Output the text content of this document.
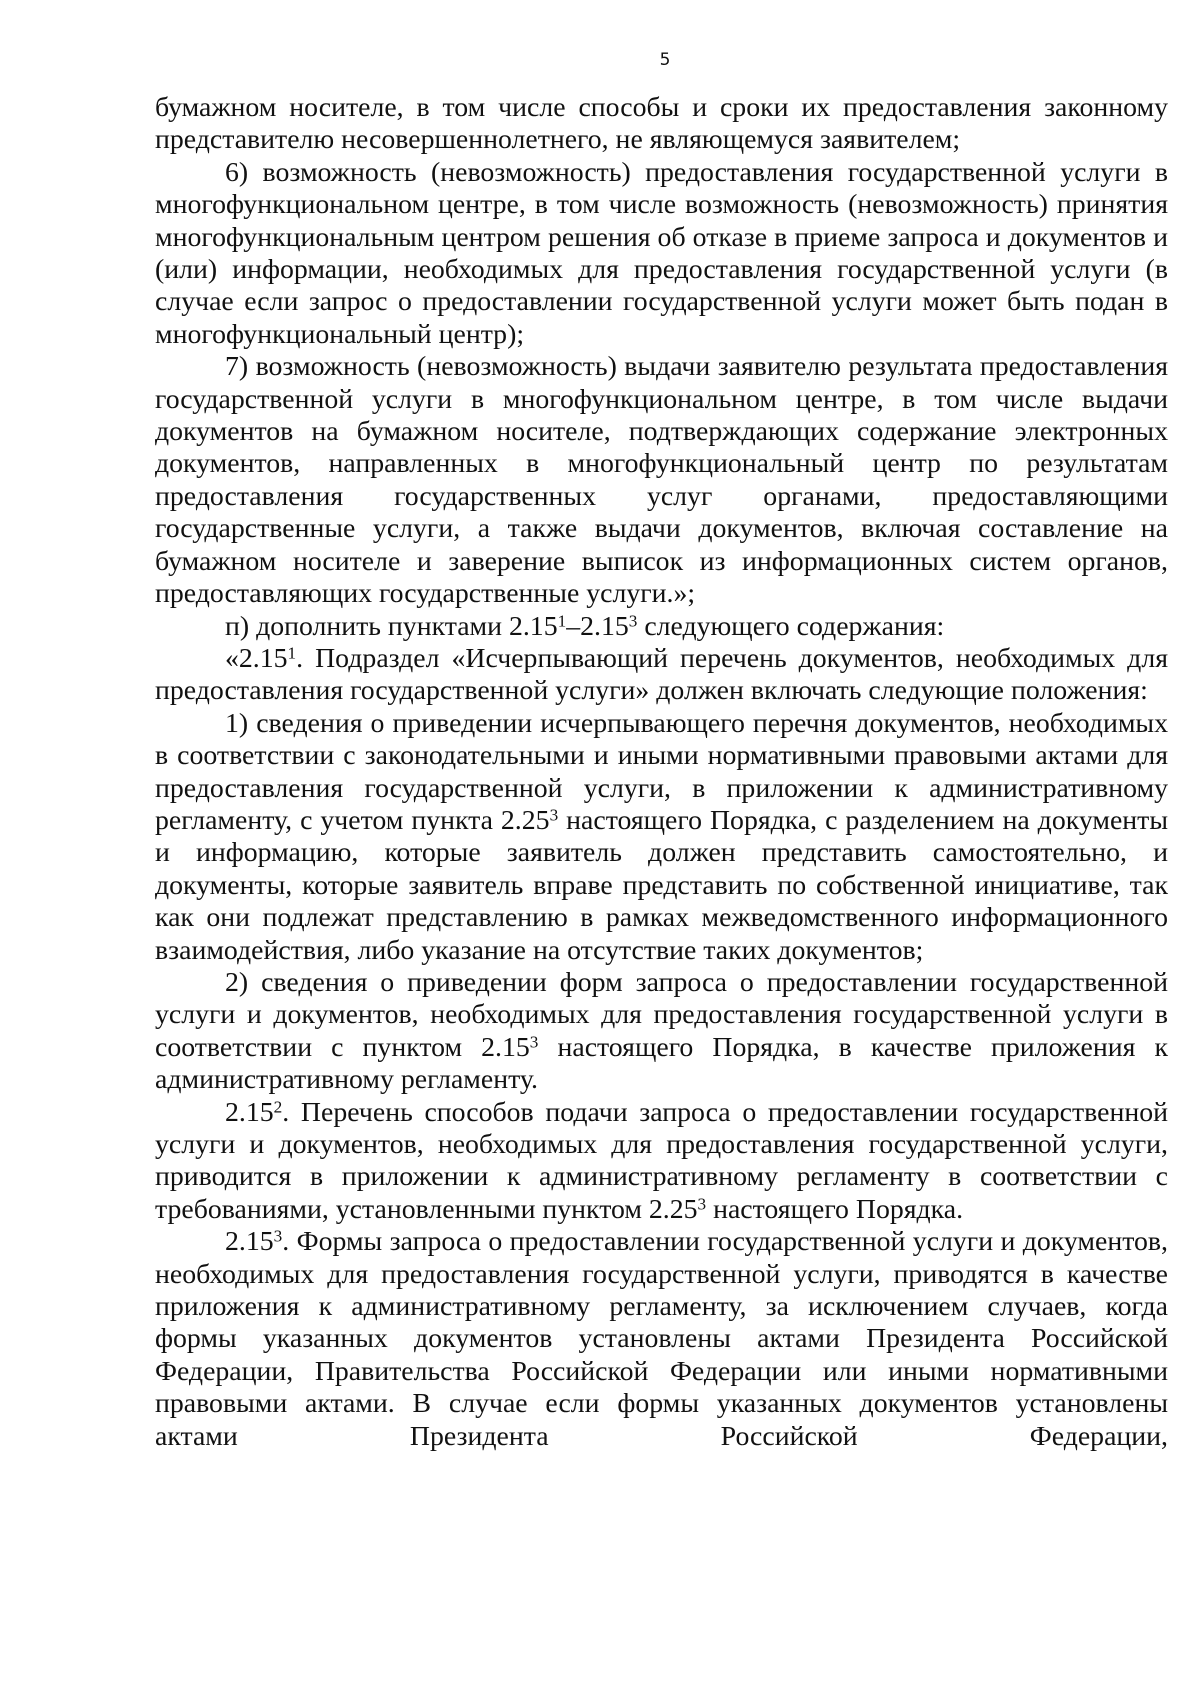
5

бумажном носителе, в том числе способы и сроки их предоставления законному представителю несовершеннолетнего, не являющемуся заявителем;

6) возможность (невозможность) предоставления государственной услуги в многофункциональном центре, в том числе возможность (невозможность) принятия многофункциональным центром решения об отказе в приеме запроса и документов и (или) информации, необходимых для предоставления государственной услуги (в случае если запрос о предоставлении государственной услуги может быть подан в многофункциональный центр);

7) возможность (невозможность) выдачи заявителю результата предоставления государственной услуги в многофункциональном центре, в том числе выдачи документов на бумажном носителе, подтверждающих содержание электронных документов, направленных в многофункциональный центр по результатам предоставления государственных услуг органами, предоставляющими государственные услуги, а также выдачи документов, включая составление на бумажном носителе и заверение выписок из информационных систем органов, предоставляющих государственные услуги.»;

п) дополнить пунктами 2.15$^1$–2.15$^3$ следующего содержания:

«2.15$^1$. Подраздел «Исчерпывающий перечень документов, необходимых для предоставления государственной услуги» должен включать следующие положения:

1) сведения о приведении исчерпывающего перечня документов, необходимых в соответствии с законодательными и иными нормативными правовыми актами для предоставления государственной услуги, в приложении к административному регламенту, с учетом пункта 2.25$^3$ настоящего Порядка, с разделением на документы и информацию, которые заявитель должен представить самостоятельно, и документы, которые заявитель вправе представить по собственной инициативе, так как они подлежат представлению в рамках межведомственного информационного взаимодействия, либо указание на отсутствие таких документов;

2) сведения о приведении форм запроса о предоставлении государственной услуги и документов, необходимых для предоставления государственной услуги в соответствии с пунктом 2.15$^3$ настоящего Порядка, в качестве приложения к административному регламенту.

2.15$^2$. Перечень способов подачи запроса о предоставлении государственной услуги и документов, необходимых для предоставления государственной услуги, приводится в приложении к административному регламенту в соответствии с требованиями, установленными пунктом 2.25$^3$ настоящего Порядка.

2.15$^3$. Формы запроса о предоставлении государственной услуги и документов, необходимых для предоставления государственной услуги, приводятся в качестве приложения к административному регламенту, за исключением случаев, когда формы указанных документов установлены актами Президента Российской Федерации, Правительства Российской Федерации или иными нормативными правовыми актами. В случае если формы указанных документов установлены актами Президента Российской Федерации,
